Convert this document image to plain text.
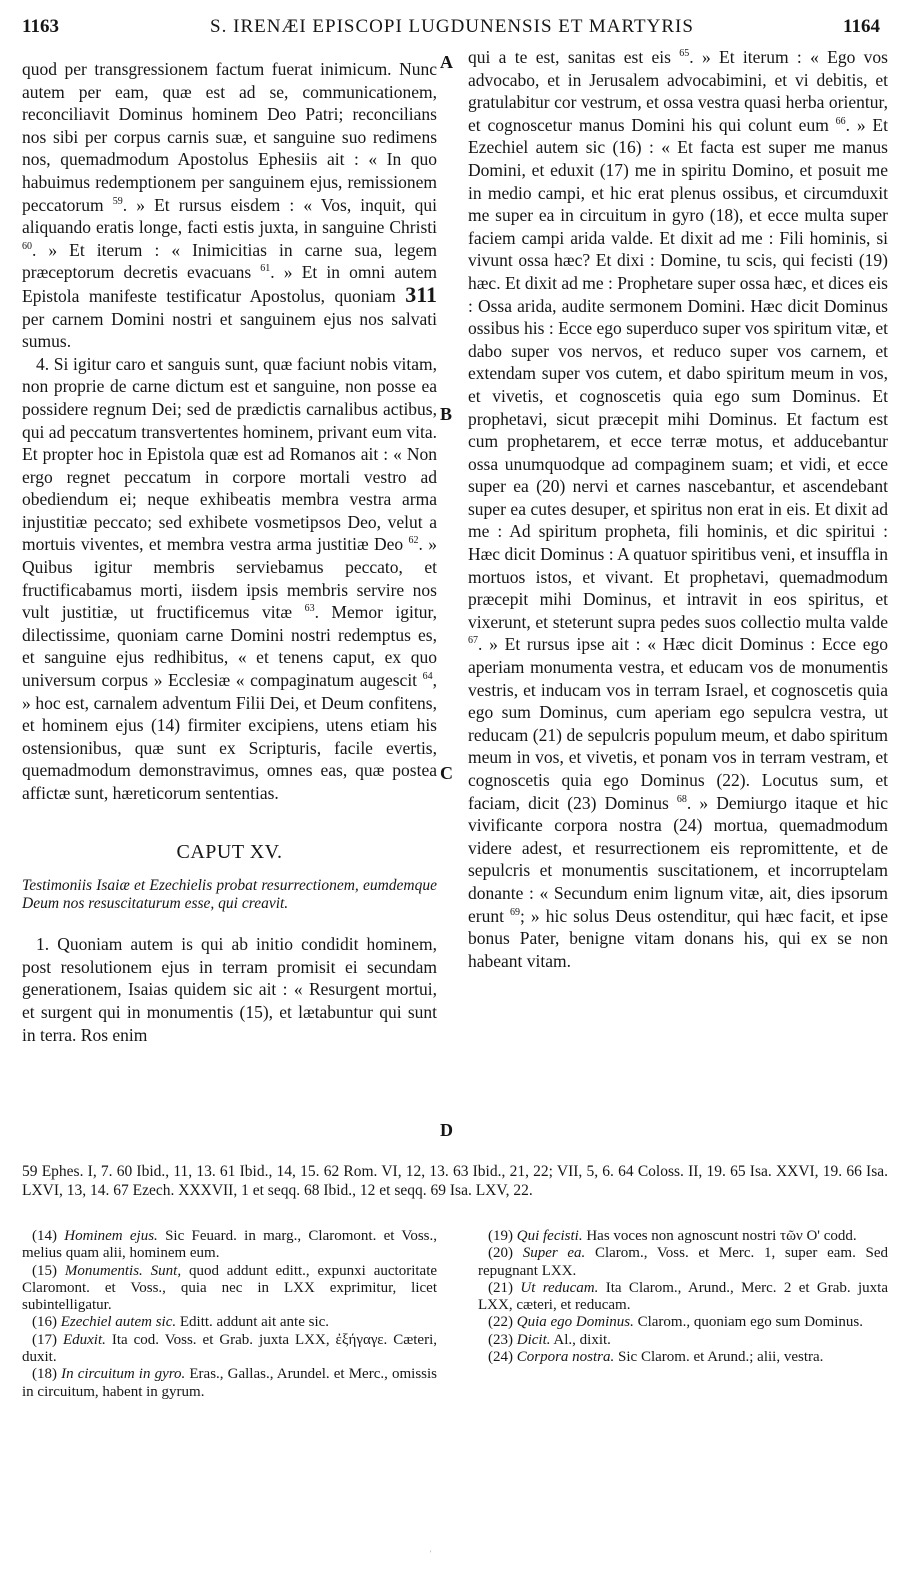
1163	S. IRENÆI EPISCOPI LUGDUNENSIS ET MARTYRIS	1164
A
B
C
D

quod per transgressionem factum fuerat inimicum. Nunc autem per eam, quæ est ad se, communicationem, reconciliavit Dominus hominem Deo Patri; reconcilians nos sibi per corpus carnis suæ, et sanguine suo redimens nos, quemadmodum Apostolus Ephesiis ait : « In quo habuimus redemptionem per sanguinem ejus, remissionem peccatorum $^{59}$. » Et rursus eisdem : « Vos, inquit, qui aliquando eratis longe, facti estis juxta, in sanguine Christi $^{60}$. » Et iterum : « Inimicitias in carne sua, legem præceptorum decretis evacuans $^{61}$. » Et in omni autem Epistola manifeste testificatur Apostolus, quoniam 311 per carnem Domini nostri et sanguinem ejus nos salvati sumus.

4. Si igitur caro et sanguis sunt, quæ faciunt nobis vitam, non proprie de carne dictum est et sanguine, non posse ea possidere regnum Dei; sed de prædictis carnalibus actibus, qui ad peccatum transvertentes hominem, privant eum vita. Et propter hoc in Epistola quæ est ad Romanos ait : « Non ergo regnet peccatum in corpore mortali vestro ad obediendum ei; neque exhibeatis membra vestra arma injustitiæ peccato; sed exhibete vosmetipsos Deo, velut a mortuis viventes, et membra vestra arma justitiæ Deo $^{62}$. » Quibus igitur membris serviebamus peccato, et fructificabamus morti, iisdem ipsis membris servire nos vult justitiæ, ut fructificemus vitæ $^{63}$. Memor igitur, dilectissime, quoniam carne Domini nostri redemptus es, et sanguine ejus redhibitus, « et tenens caput, ex quo universum corpus » Ecclesiæ « compaginatum augescit $^{64}$, » hoc est, carnalem adventum Filii Dei, et Deum confitens, et hominem ejus (14) firmiter excipiens, utens etiam his ostensionibus, quæ sunt ex Scripturis, facile evertis, quemadmodum demonstravimus, omnes eas, quæ postea affictæ sunt, hæreticorum sententias.

CAPUT XV.

Testimoniis Isaiæ et Ezechielis probat resurrectionem, eumdemque Deum nos resuscitaturum esse, qui creavit.

1. Quoniam autem is qui ab initio condidit hominem, post resolutionem ejus in terram promisit ei secundam generationem, Isaias quidem sic ait : « Resurgent mortui, et surgent qui in monumentis (15), et lætabuntur qui sunt in terra. Ros enim

qui a te est, sanitas est eis $^{65}$. » Et iterum : « Ego vos advocabo, et in Jerusalem advocabimini, et vi debitis, et gratulabitur cor vestrum, et ossa vestra quasi herba orientur, et cognoscetur manus Domini his qui colunt eum $^{66}$. » Et Ezechiel autem sic (16) : « Et facta est super me manus Domini, et eduxit (17) me in spiritu Domino, et posuit me in medio campi, et hic erat plenus ossibus, et circumduxit me super ea in circuitum in gyro (18), et ecce multa super faciem campi arida valde. Et dixit ad me : Fili hominis, si vivunt ossa hæc? Et dixi : Domine, tu scis, qui fecisti (19) hæc. Et dixit ad me : Prophetare super ossa hæc, et dices eis : Ossa arida, audite sermonem Domini. Hæc dicit Dominus ossibus his : Ecce ego superduco super vos spiritum vitæ, et dabo super vos nervos, et reduco super vos carnem, et extendam super vos cutem, et dabo spiritum meum in vos, et vivetis, et cognoscetis quia ego sum Dominus. Et prophetavi, sicut præcepit mihi Dominus. Et factum est cum prophetarem, et ecce terræ motus, et adducebantur ossa unumquodque ad compaginem suam; et vidi, et ecce super ea (20) nervi et carnes nascebantur, et ascendebant super ea cutes desuper, et spiritus non erat in eis. Et dixit ad me : Ad spiritum propheta, fili hominis, et dic spiritui : Hæc dicit Dominus : A quatuor spiritibus veni, et insuffla in mortuos istos, et vivant. Et prophetavi, quemadmodum præcepit mihi Dominus, et intravit in eos spiritus, et vixerunt, et steterunt supra pedes suos collectio multa valde $^{67}$. » Et rursus ipse ait : « Hæc dicit Dominus : Ecce ego aperiam monumenta vestra, et educam vos de monumentis vestris, et inducam vos in terram Israel, et cognoscetis quia ego sum Dominus, cum aperiam ego sepulcra vestra, ut reducam (21) de sepulcris populum meum, et dabo spiritum meum in vos, et vivetis, et ponam vos in terram vestram, et cognoscetis quia ego Dominus (22). Locutus sum, et faciam, dicit (23) Dominus $^{68}$. » Demiurgo itaque et hic vivificante corpora nostra (24) mortua, quemadmodum videre adest, et resurrectionem eis repromittente, et de sepulcris et monumentis suscitationem, et incorruptelam donante : « Secundum enim lignum vitæ, ait, dies ipsorum erunt $^{69}$; » hic solus Deus ostenditur, qui hæc facit, et ipse bonus Pater, benigne vitam donans his, qui ex se non habeant vitam.

59 Ephes. I, 7. 60 Ibid., 11, 13. 61 Ibid., 14, 15. 62 Rom. VI, 12, 13. 63 Ibid., 21, 22; VII, 5, 6. 64 Coloss. II, 19. 65 Isa. XXVI, 19. 66 Isa. LXVI, 13, 14. 67 Ezech. XXXVII, 1 et seqq. 68 Ibid., 12 et seqq. 69 Isa. LXV, 22.

(14) Hominem ejus. Sic Feuard. in marg., Claromont. et Voss., melius quam alii, hominem eum.

(15) Monumentis. Sunt, quod addunt editt., expunxi auctoritate Claromont. et Voss., quia nec in LXX exprimitur, licet subintelligatur.

(16) Ezechiel autem sic. Editt. addunt ait ante sic.

(17) Eduxit. Ita cod. Voss. et Grab. juxta LXX, ἐξήγαγε. Cæteri, duxit.

(18) In circuitum in gyro. Eras., Gallas., Arundel. et Merc., omissis in circuitum, habent in gyrum.

(19) Qui fecisti. Has voces non agnoscunt nostri τῶν Ο' codd.

(20) Super ea. Clarom., Voss. et Merc. 1, super eam. Sed repugnant LXX.

(21) Ut reducam. Ita Clarom., Arund., Merc. 2 et Grab. juxta LXX, cæteri, et reducam.

(22) Quia ego Dominus. Clarom., quoniam ego sum Dominus.

(23) Dicit. Al., dixit.

(24) Corpora nostra. Sic Clarom. et Arund.; alii, vestra.

'
